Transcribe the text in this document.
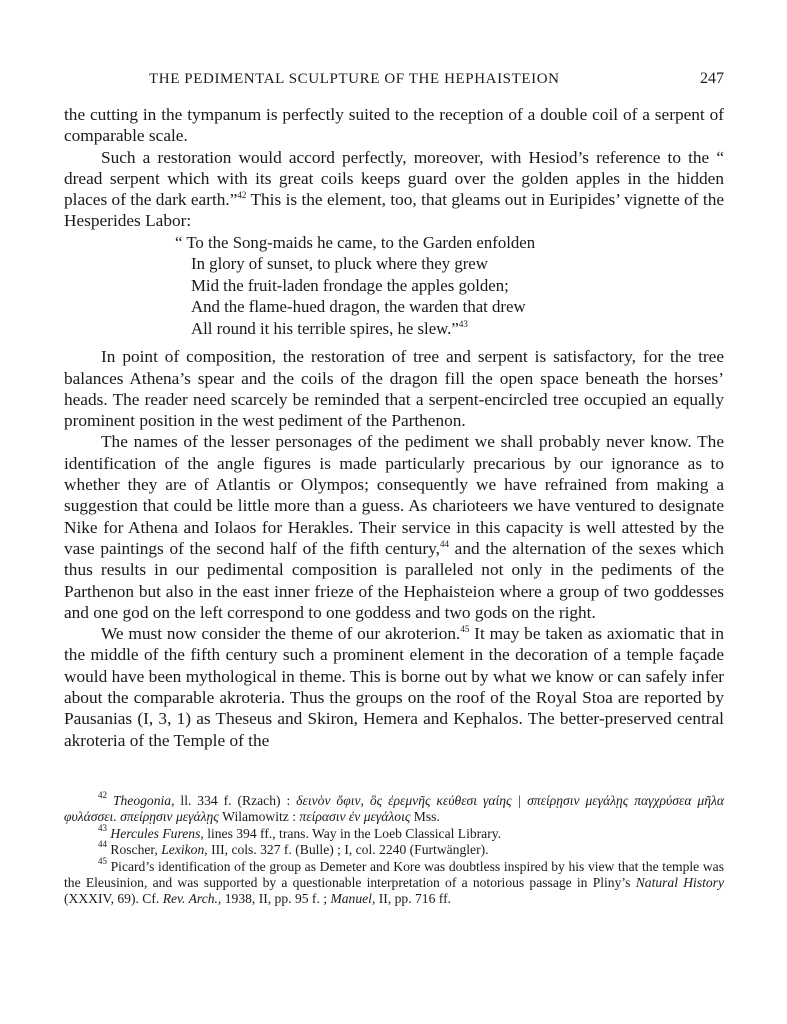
THE PEDIMENTAL SCULPTURE OF THE HEPHAISTEION	247

the cutting in the tympanum is perfectly suited to the reception of a double coil of a serpent of comparable scale.

Such a restoration would accord perfectly, moreover, with Hesiod’s reference to the “ dread serpent which with its great coils keeps guard over the golden apples in the hidden places of the dark earth.”$^{42}$ This is the element, too, that gleams out in Euripides’ vignette of the Hesperides Labor:

“ To the Song-maids he came, to the Garden enfolden
In glory of sunset, to pluck where they grew
Mid the fruit-laden frondage the apples golden;
And the flame-hued dragon, the warden that drew
All round it his terrible spires, he slew.”$^{43}$

In point of composition, the restoration of tree and serpent is satisfactory, for the tree balances Athena’s spear and the coils of the dragon fill the open space beneath the horses’ heads. The reader need scarcely be reminded that a serpent-encircled tree occupied an equally prominent position in the west pediment of the Parthenon.

The names of the lesser personages of the pediment we shall probably never know. The identification of the angle figures is made particularly precarious by our ignorance as to whether they are of Atlantis or Olympos; consequently we have refrained from making a suggestion that could be little more than a guess. As charioteers we have ventured to designate Nike for Athena and Iolaos for Herakles. Their service in this capacity is well attested by the vase paintings of the second half of the fifth century,$^{44}$ and the alternation of the sexes which thus results in our pedimental composition is paralleled not only in the pediments of the Parthenon but also in the east inner frieze of the Hephaisteion where a group of two goddesses and one god on the left correspond to one goddess and two gods on the right.

We must now consider the theme of our akroterion.$^{45}$ It may be taken as axiomatic that in the middle of the fifth century such a prominent element in the decoration of a temple façade would have been mythological in theme. This is borne out by what we know or can safely infer about the comparable akroteria. Thus the groups on the roof of the Royal Stoa are reported by Pausanias (I, 3, 1) as Theseus and Skiron, Hemera and Kephalos. The better-preserved central akroteria of the Temple of the

$^{42}$ Theogonia, ll. 334 f. (Rzach) : δεινὸν ὄφιν, ὃς ἐρεμνῆς κεύθεσι γαίης | σπείρῃσιν μεγάλῃς παγχρύσεα μῆλα φυλάσσει. σπείρῃσιν μεγάλῃς Wilamowitz : πείρασιν ἐν μεγάλοις Mss.

$^{43}$ Hercules Furens, lines 394 ff., trans. Way in the Loeb Classical Library.

$^{44}$ Roscher, Lexikon, III, cols. 327 f. (Bulle) ; I, col. 2240 (Furtwängler).

$^{45}$ Picard’s identification of the group as Demeter and Kore was doubtless inspired by his view that the temple was the Eleusinion, and was supported by a questionable interpretation of a notorious passage in Pliny’s Natural History (XXXIV, 69). Cf. Rev. Arch., 1938, II, pp. 95 f. ; Manuel, II, pp. 716 ff.
